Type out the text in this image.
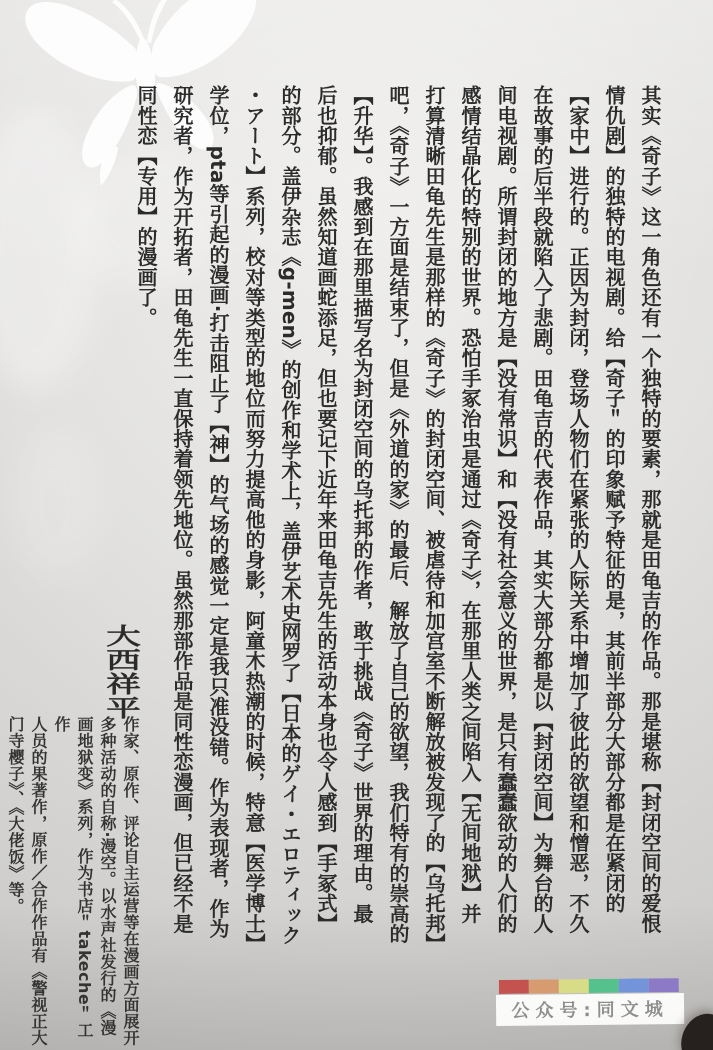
其实《奇子》这一角色还有一个独特的要素，那就是田龟吉的作品。那是堪称【封闭空间的爱恨
情仇剧】的独特的电视剧。给【奇子＂的印象赋予特征的是，其前半部分大部分都是在紧闭的
【家中】进行的。正因为封闭，登场人物们在紧张的人际关系中增加了彼此的欲望和憎恶，不久
在故事的后半段就陷入了悲剧。田龟吉的代表作品，其实大部分都是以【封闭空间】为舞台的人
间电视剧。所谓封闭的地方是【没有常识】和【没有社会意义的世界，是只有蠢蠢欲动的人们的
感情结晶化的特别的世界。恐怕手冢治虫是通过《奇子》，在那里人类之间陷入【无间地狱】并
打算清晰田龟先生是那样的《奇子》的封闭空间、被虐待和加宫室不断解放被发现了的【乌托邦】
吧，《奇子》一方面是结束了，但是《外道的家》的最后、解放了自己的欲望，我们特有的崇高的
【升华】。我感到在那里描写名为封闭空间的乌托邦的作者，敢于挑战《奇子》世界的理由。最
后也抑郁。虽然知道画蛇添足，但也要记下近年来田龟吉先生的活动本身也令人感到【手冢式】
的部分。盖伊杂志《g-men》的创作和学术上，盖伊艺术史网罗了【日本的ゲイ・エロティック
・アート】系列，校对等类型的地位而努力提高他的身影，阿童木热潮的时候，特意【医学博士】
学位，pta等引起的漫画·打击阻止了【神】的气场的感觉一定是我只准没错。作为表现者，作为
研究者，作为开拓者，田龟先生一直保持着领先地位。虽然那部作品是同性恋漫画，但已经不是
同性恋【专用】的漫画了。
大西祥平
作家、原作、评论自主运营等在漫画方面展开
多种活动的自称·漫空。以水声社发行的《漫
画地狱变》系列，作为书店＂takeche＂工作
人员的果著作，原作／合作作品有《警视正大
门寺樱子》、《大佬饭》等。
公众号:同文城
